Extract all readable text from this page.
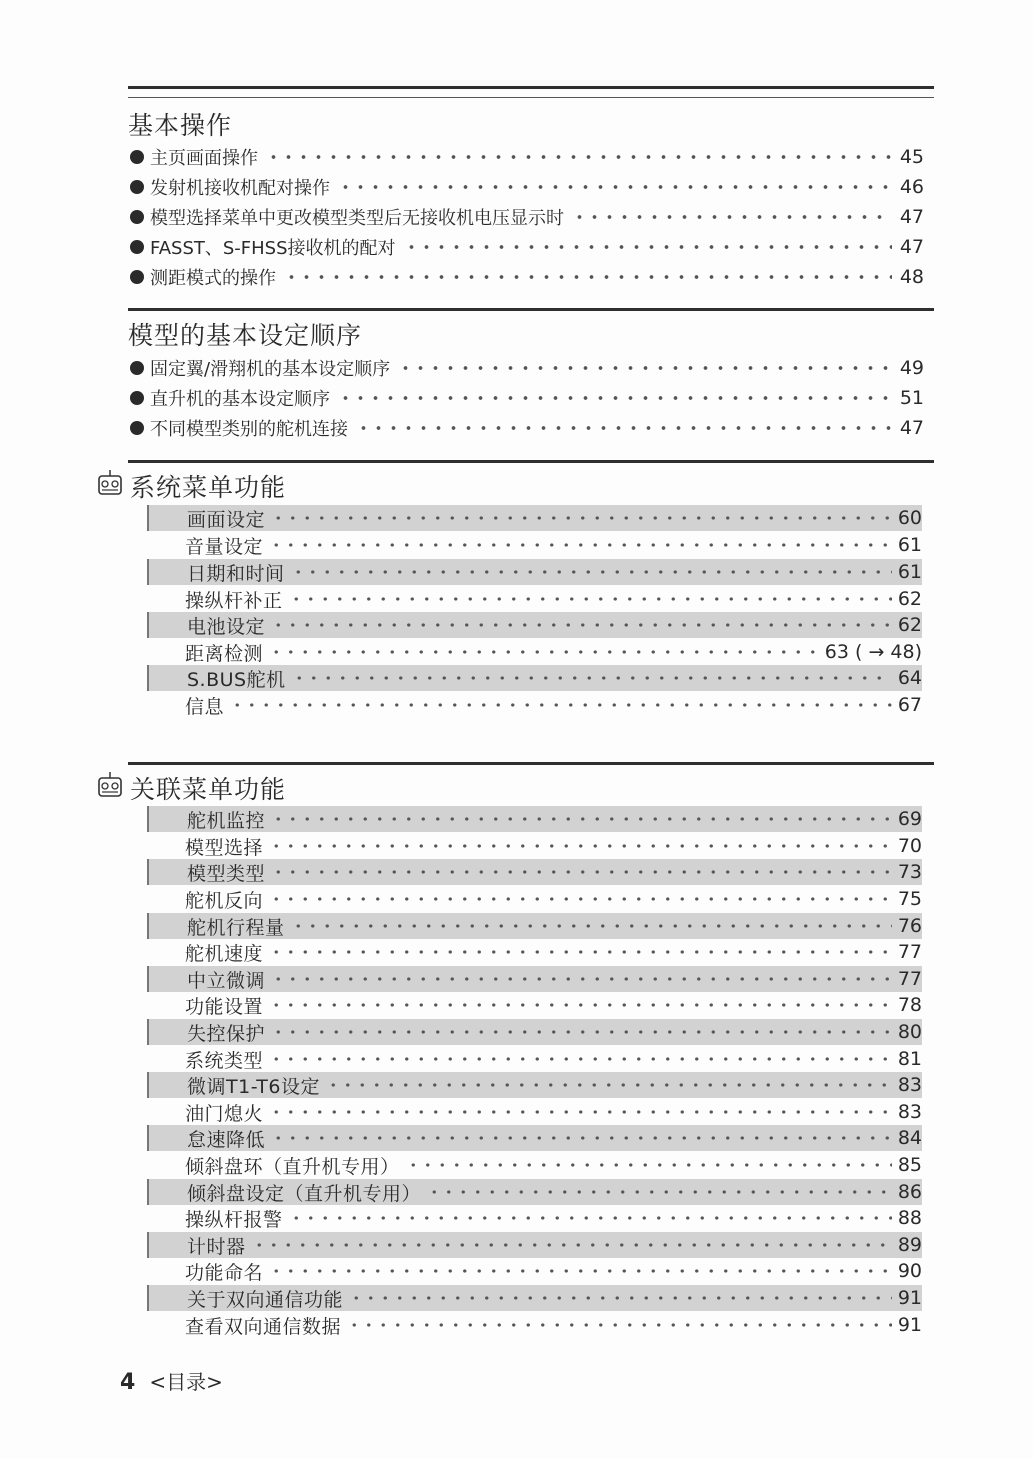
基本操作
主页画面操作	45
发射机接收机配对操作	46
模型选择菜单中更改模型类型后无接收机电压显示时	47
FASST、S-FHSS接收机的配对	47
测距模式的操作	48
模型的基本设定顺序
固定翼/滑翔机的基本设定顺序	49
直升机的基本设定顺序	51
不同模型类别的舵机连接	47
系统菜单功能
画面设定	60
音量设定	61
日期和时间	61
操纵杆补正	62
电池设定	62
距离检测	63 ( → 48)
S.BUS舵机	64
信息	67
关联菜单功能
舵机监控	69
模型选择	70
模型类型	73
舵机反向	75
舵机行程量	76
舵机速度	77
中立微调	77
功能设置	78
失控保护	80
系统类型	81
微调T1-T6设定	83
油门熄火	83
怠速降低	84
倾斜盘环（直升机专用）	85
倾斜盘设定（直升机专用）	86
操纵杆报警	88
计时器	89
功能命名	90
关于双向通信功能	91
查看双向通信数据	91
4 <目录>
